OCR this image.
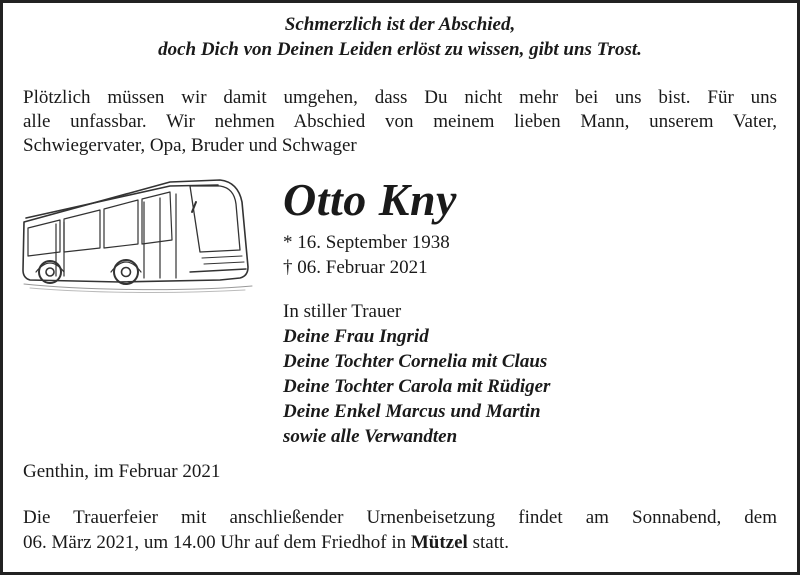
Schmerzlich ist der Abschied,
doch Dich von Deinen Leiden erlöst zu wissen, gibt uns Trost.
Plötzlich müssen wir damit umgehen, dass Du nicht mehr bei uns bist. Für uns
alle unfassbar. Wir nehmen Abschied von meinem lieben Mann, unserem Vater,
Schwiegervater, Opa, Bruder und Schwager
Otto Kny
* 16. September 1938
† 06. Februar 2021
In stiller Trauer
Deine Frau Ingrid
Deine Tochter Cornelia mit Claus
Deine Tochter Carola mit Rüdiger
Deine Enkel Marcus und Martin
sowie alle Verwandten
Genthin, im Februar 2021
Die Trauerfeier mit anschließender Urnenbeisetzung findet am Sonnabend, dem
06. März 2021, um 14.00 Uhr auf dem Friedhof in Mützel statt.
